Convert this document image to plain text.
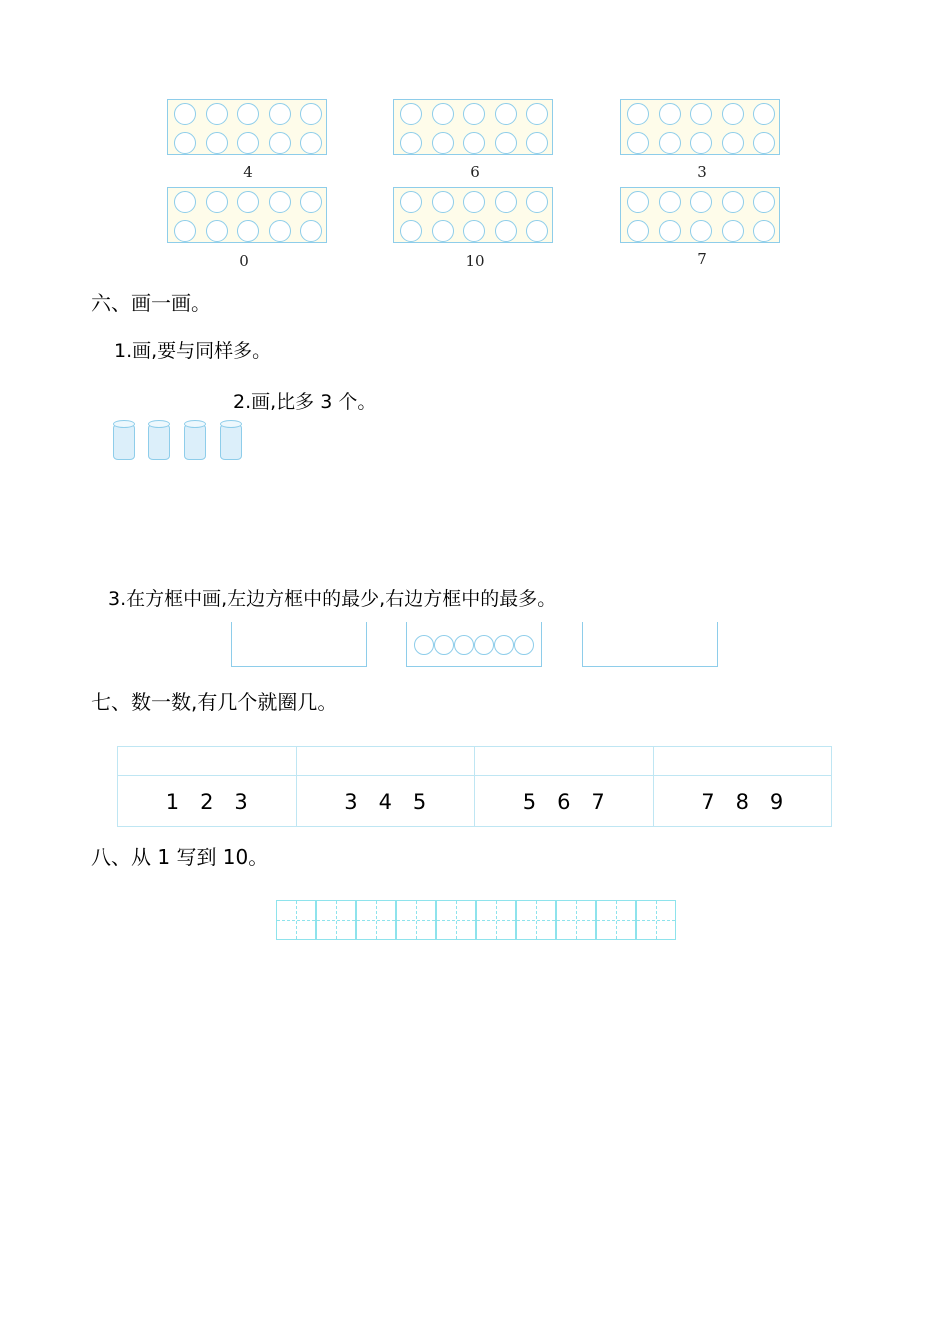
4	6	3
0	10	7
六、画一画。
1.画,要与同样多。
2.画,比多 3 个。
3.在方框中画,左边方框中的最少,右边方框中的最多。
七、数一数,有几个就圈几。

1　2　3	3　4　5	5　6　7	7　8　9
八、从 1 写到 10。
